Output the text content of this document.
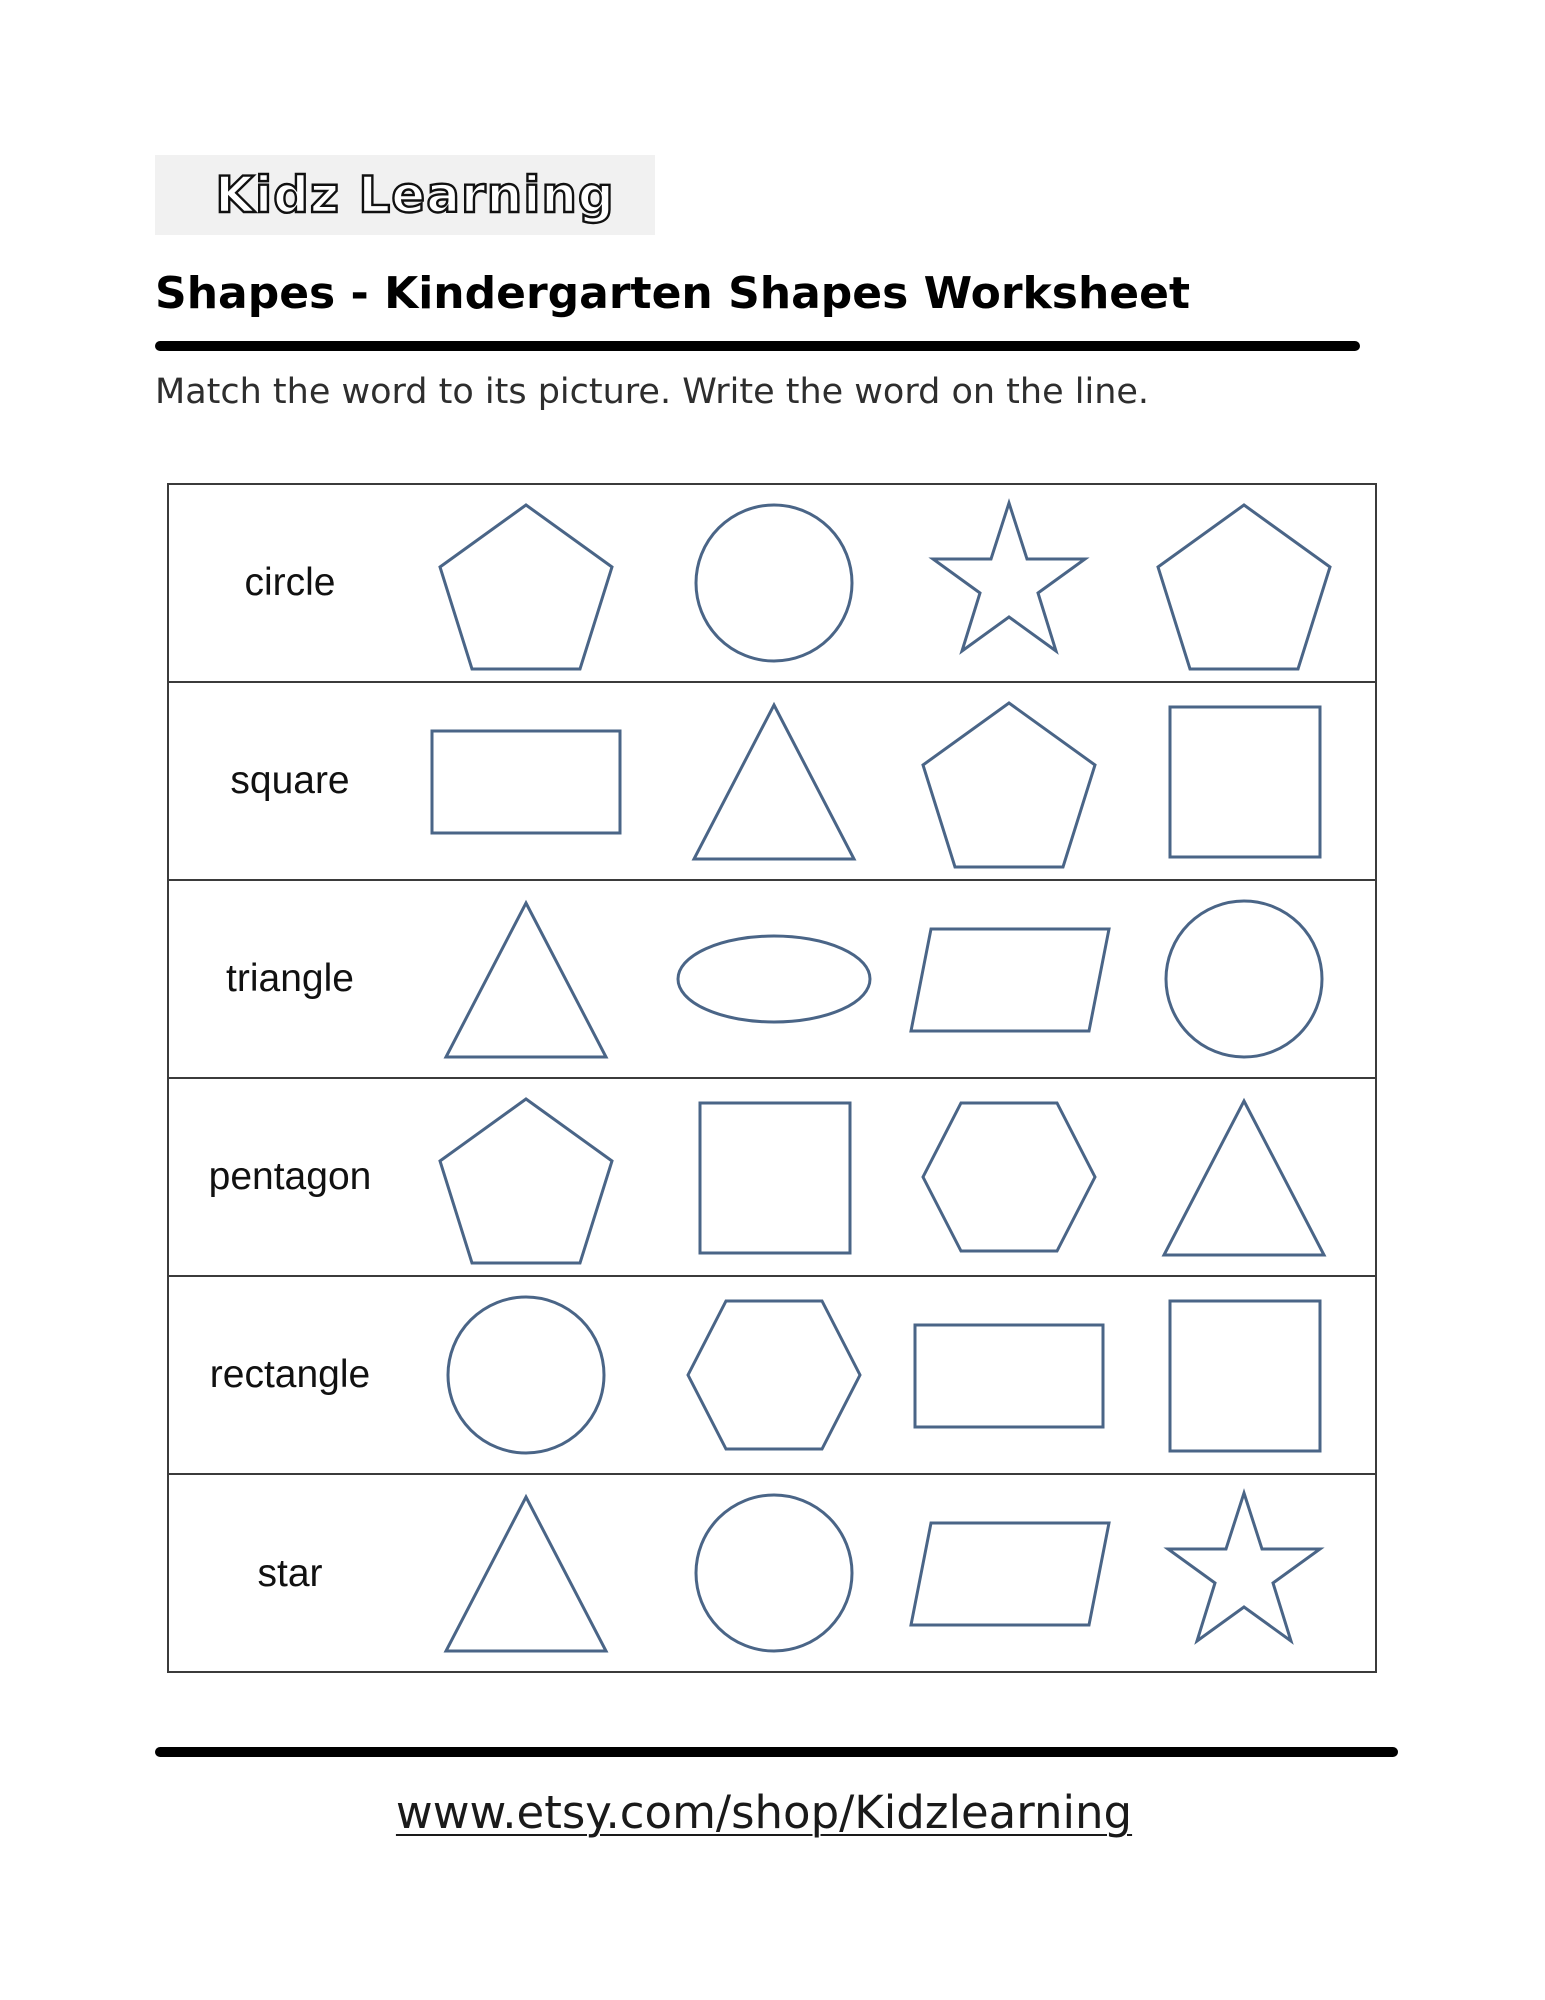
Kidz Learning
Shapes - Kindergarten Shapes Worksheet

Match the word to its picture. Write the word on the line.

circle
square
triangle
pentagon
rectangle
star
www.etsy.com/shop/Kidzlearning
